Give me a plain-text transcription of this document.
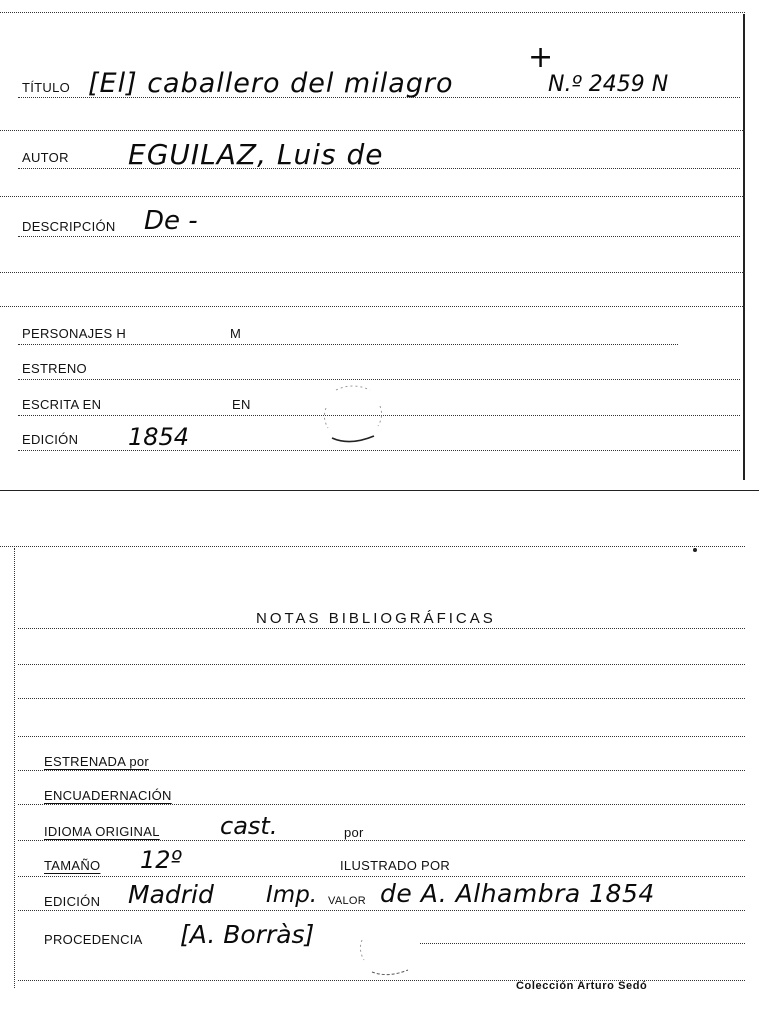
+
TÍTULO [El] caballero del milagro	N.º 2459 N
AUTOR EGUILAZ, Luis de
DESCRIPCIÓN De -
PERSONAJES H	M
ESTRENO
ESCRITA EN	EN
EDICIÓN 1854
NOTAS BIBLIOGRÁFICAS
ESTRENADA por
ENCUADERNACIÓN
IDIOMA ORIGINAL	cast.	por
TAMAÑO 12º	ILUSTRADO POR
EDICIÓN Madrid Imp. VALOR de A. Alhambra 1854
PROCEDENCIA [A. Borràs]
Colección Arturo Sedó
